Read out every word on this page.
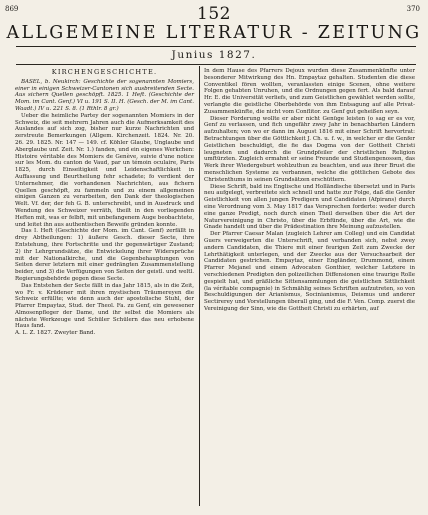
869	152	370
ALLGEMEINE LITERATUR - ZEITUNG
Junius 1827.
KIRCHENGESCHICHTE.

BASEL, b. Neukirch: Geschichte der sogenannten Momiers, einer in einigen Schweizer-Cantonen sich ausbreitenden Secte. Aus sichern Quellen geschöpft. 1825. 1 Heft. (Geschichte der Mom. im Cant. Genf.) VI u. 191 S. II. H. (Gesch. der M. im Cant. Waadt.) IV u. 221 S. 8. (1 Rthlr. 8 gr.)

Ueber die heimliche Partey der sogenannten Momiers in der Schweiz, die seit mehrern Jahren auch die Aufmerksamkeit des Auslandes auf sich zog, bisher nur kurze Nachrichten und zerstreute Bemerkungen (Allgem. Kirchenzeit. 1824. Nr. 20. 26. 29. 1825. Nr. 147 — 149. cf. Köhler Glaube, Unglaube und Aberglaube unf. Zeit. Nr. 1.) fanden, und ein eigenes Werkchen: Histoire véritable des Momiers de Genève, suivie d'une notice sur les Mom. du canton de Vaud, par un témoin oculaire, Paris 1825, durch Einseitigkeit und Leidenschaftlichkeit in Auffassung und Beurtheilung fehr schadete; fo verdient der Unternehmer, die vorhandenen Nachrichten, aus fichern Quellen geschöpft, zu fammeln und zu einem allgemeinen einigen Ganzen zu verarbeiten, den Dank der theologischen Welt. Vf. der, der feh G. B. unterschreibt, und in Ausdruck und Wendung des Schweizer verräth, theilt in den vorliegenden Heften mit, was er felbft, mit unbefangenem Auge beobachtete, und leitet ihn aus authentischen Beweife gründen konnte.

Das I. Heft (Geschichte der Mom. im Cant. Genf) zerfällt in drey Abtheilungen: 1) äußere Gesch. dieser Secte, ihre Entstehung, ihre Fortschritte und ihr gegenwärtiger Zustand; 2) ihr Lehrgrundsätze, die Entwickelung ihrer Widersprüche mit der Nationalkirche, und die Gegenbehauptungen von Seiten derer letztern mit einer gedrängten Zusammenstellung beider, und 3) die Verfügungen von Seiten der geistl. und weltl. Regierungsbehörde gegen diese Secte.

Das Entstehen der Secte fällt in das Jahr 1815, als in die Zeit, wo Fr. v. Krüdener mit ihren mystischen Träumereyen die Schweiz erfüllte; wie denn auch der apostolische Stuhl, der Pfarrer Empaytaz, Stud. der Theol. Fa. zu Genf, ein gewesener Almosenpfleger der Dame, und ihr selbst die Momiers als nächste Werkzeuge und Schüler Schülern das neu erhobene Haus fand.

A. L. Z. 1827. Zweyter Band.

In dem Hause des Pfarrers Dejoux wurden diese Zusammenkünfte unter besonderer Mitwirkung des Hn. Empaytaz gehalten. Studenten die diese Conventikel fören wollten, veranlassten einige Scenen, ohne weitere Folgen gehabten Unruhen, und die Ordnungen gegen fert. Als bald darauf Hr. E. die Universität verliefs, und zum Geistlichen gewählet werden sollte, verlangte die geistliche Oberbehörde von ihm Entsagung auf alle Privat-Zusammenkünfte, die nicht vom Conflitor. zu Genf gut geheißen seyn.

Dieser Forderung wollte er aber nicht Genüge leisten (o sag er es vor, Genf zu verlassen, und fich ungefähr zwey Jahr in benachbarten Ländern aufzuhalten; von wo er dann im August 1816 mit einer Schrift hervortrat: Betrachtungen über die Göttlichkeit J. Ch. u. f. w., in welcher er die Genfer Geistlichen beschuldigt, die fie das Dogma von der Gottheit Christi leugneten und dadurch die Grundpfeiler der christlichen Religion umftürzten. Zugleich ermahnt er seine Freunde und Studiengenossen, das Werk ihrer Wiedergeburt wohlzuthun zu beachten, und aus ihrer Brust die menschlichen Systeme zu verbannen, welche die göttlichen Gebote des Christenthums in seinen Grundsätzen erschüttern.

Diese Schrift, bald ins Englische und Holländische übersetzt und in Paris neu aufgelegt, verbreitete sich schnell und hatte zur Folge, daß die Genfer Geistlichkeit von allen jungen Predigern und Candidaten (Afpirans) durch eine Verordnung vom 3. May 1817 das Versprechen forderte: weder durch eine ganze Predigt, noch durch einen Theil derselben über die Art der Naturvereinigung in Christo, über die Erbfünde, über die Art, wie die Gnade handelt und über die Prädestination ihre Meinung aufzustellen.

Der Pfarrer Caesar Malan (zugleich Lehrer am Colleg) und ein Candidat Guers verweigerten die Unterschrift, und verbanden sich, nebst zwey andern Candidaten, die Thiere mit einer feurigen Zeit zum Zwecke der Lehrthätigkeit unterlegen, und der Zwecke aus der Versuchsarbeit der Candidaten gestrichen. Empaytaz, einer Engländer, Drummond, einem Pfarrer Mejanel und einem Advocaten Gonthier, welcher Letztere in verschiedenen Predigten den polizeilichen Diffensionen eine traurige Rolle gespielt hat, und gräßliche Sittensammlungen die geistlichen Sittlichkeit (la véritable compagnie) in Schmählig seines Schriften aufzutreten, so von Beschuldigungen der Arianismus, Socinianismus, Deismus und anderer Sectirerey und Vorstellungen überall ging, und die F. Ven. Comp. zuerst die Vereinigung der Sinn, wie die Gottheit Christi zu erhärten, auf
